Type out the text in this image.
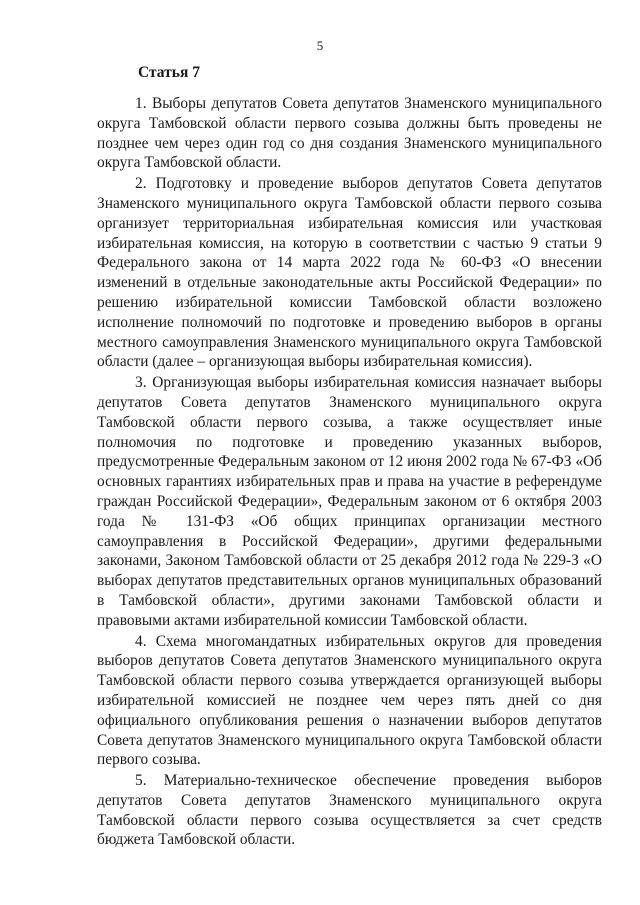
5
Статья 7

1. Выборы депутатов Совета депутатов Знаменского муниципального округа Тамбовской области первого созыва должны быть проведены не позднее чем через один год со дня создания Знаменского муниципального округа Тамбовской области.

2. Подготовку и проведение выборов депутатов Совета депутатов Знаменского муниципального округа Тамбовской области первого созыва организует территориальная избирательная комиссия или участковая избирательная комиссия, на которую в соответствии с частью 9 статьи 9 Федерального закона от 14 марта 2022 года № 60-ФЗ «О внесении изменений в отдельные законодательные акты Российской Федерации» по решению избирательной комиссии Тамбовской области возложено исполнение полномочий по подготовке и проведению выборов в органы местного самоуправления Знаменского муниципального округа Тамбовской области (далее – организующая выборы избирательная комиссия).

3. Организующая выборы избирательная комиссия назначает выборы депутатов Совета депутатов Знаменского муниципального округа Тамбовской области первого созыва, а также осуществляет иные полномочия по подготовке и проведению указанных выборов, предусмотренные Федеральным законом от 12 июня 2002 года № 67-ФЗ «Об основных гарантиях избирательных прав и права на участие в референдуме граждан Российской Федерации», Федеральным законом от 6 октября 2003 года № 131-ФЗ «Об общих принципах организации местного самоуправления в Российской Федерации», другими федеральными законами, Законом Тамбовской области от 25 декабря 2012 года № 229-З «О выборах депутатов представительных органов муниципальных образований в Тамбовской области», другими законами Тамбовской области и правовыми актами избирательной комиссии Тамбовской области.

4. Схема многомандатных избирательных округов для проведения выборов депутатов Совета депутатов Знаменского муниципального округа Тамбовской области первого созыва утверждается организующей выборы избирательной комиссией не позднее чем через пять дней со дня официального опубликования решения о назначении выборов депутатов Совета депутатов Знаменского муниципального округа Тамбовской области первого созыва.

5. Материально-техническое обеспечение проведения выборов депутатов Совета депутатов Знаменского муниципального округа Тамбовской области первого созыва осуществляется за счет средств бюджета Тамбовской области.
